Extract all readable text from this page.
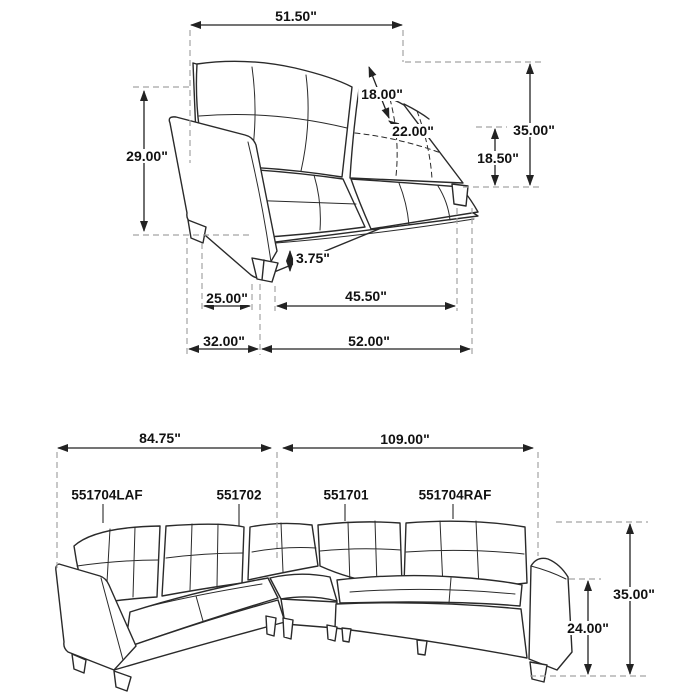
51.50"
29.00"
18.00"
22.00"	35.00"
18.50"
3.75"
25.00"	45.50"
32.00"	52.00"
84.75"	109.00"
35.00"
24.00"
551704LAF	551702	551701	551704RAF
